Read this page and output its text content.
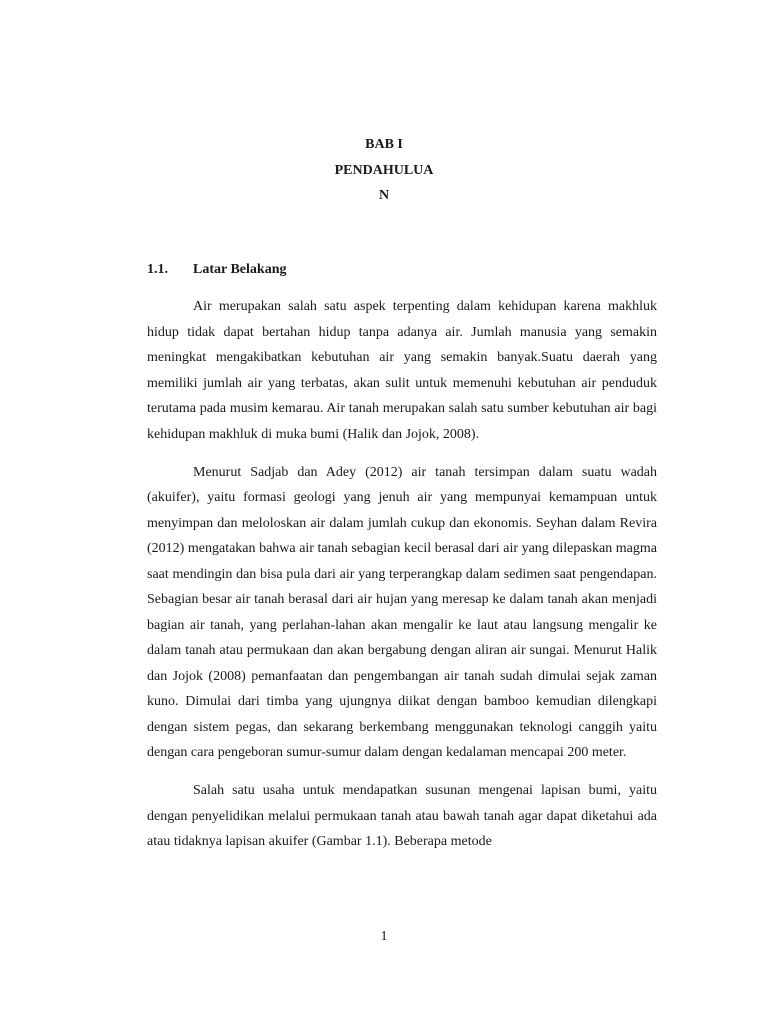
BAB I
PENDAHULUA
N
1.1. Latar Belakang

Air merupakan salah satu aspek terpenting dalam kehidupan karena makhluk hidup tidak dapat bertahan hidup tanpa adanya air. Jumlah manusia yang semakin meningkat mengakibatkan kebutuhan air yang semakin banyak.Suatu daerah yang memiliki jumlah air yang terbatas, akan sulit untuk memenuhi kebutuhan air penduduk terutama pada musim kemarau. Air tanah merupakan salah satu sumber kebutuhan air bagi kehidupan makhluk di muka bumi (Halik dan Jojok, 2008).

Menurut Sadjab dan Adey (2012) air tanah tersimpan dalam suatu wadah (akuifer), yaitu formasi geologi yang jenuh air yang mempunyai kemampuan untuk menyimpan dan meloloskan air dalam jumlah cukup dan ekonomis. Seyhan dalam Revira (2012) mengatakan bahwa air tanah sebagian kecil berasal dari air yang dilepaskan magma saat mendingin dan bisa pula dari air yang terperangkap dalam sedimen saat pengendapan. Sebagian besar air tanah berasal dari air hujan yang meresap ke dalam tanah akan menjadi bagian air tanah, yang perlahan-lahan akan mengalir ke laut atau langsung mengalir ke dalam tanah atau permukaan dan akan bergabung dengan aliran air sungai. Menurut Halik dan Jojok (2008) pemanfaatan dan pengembangan air tanah sudah dimulai sejak zaman kuno. Dimulai dari timba yang ujungnya diikat dengan bamboo kemudian dilengkapi dengan sistem pegas, dan sekarang berkembang menggunakan teknologi canggih yaitu dengan cara pengeboran sumur-sumur dalam dengan kedalaman mencapai 200 meter.

Salah satu usaha untuk mendapatkan susunan mengenai lapisan bumi, yaitu dengan penyelidikan melalui permukaan tanah atau bawah tanah agar dapat diketahui ada atau tidaknya lapisan akuifer (Gambar 1.1). Beberapa metode

1
